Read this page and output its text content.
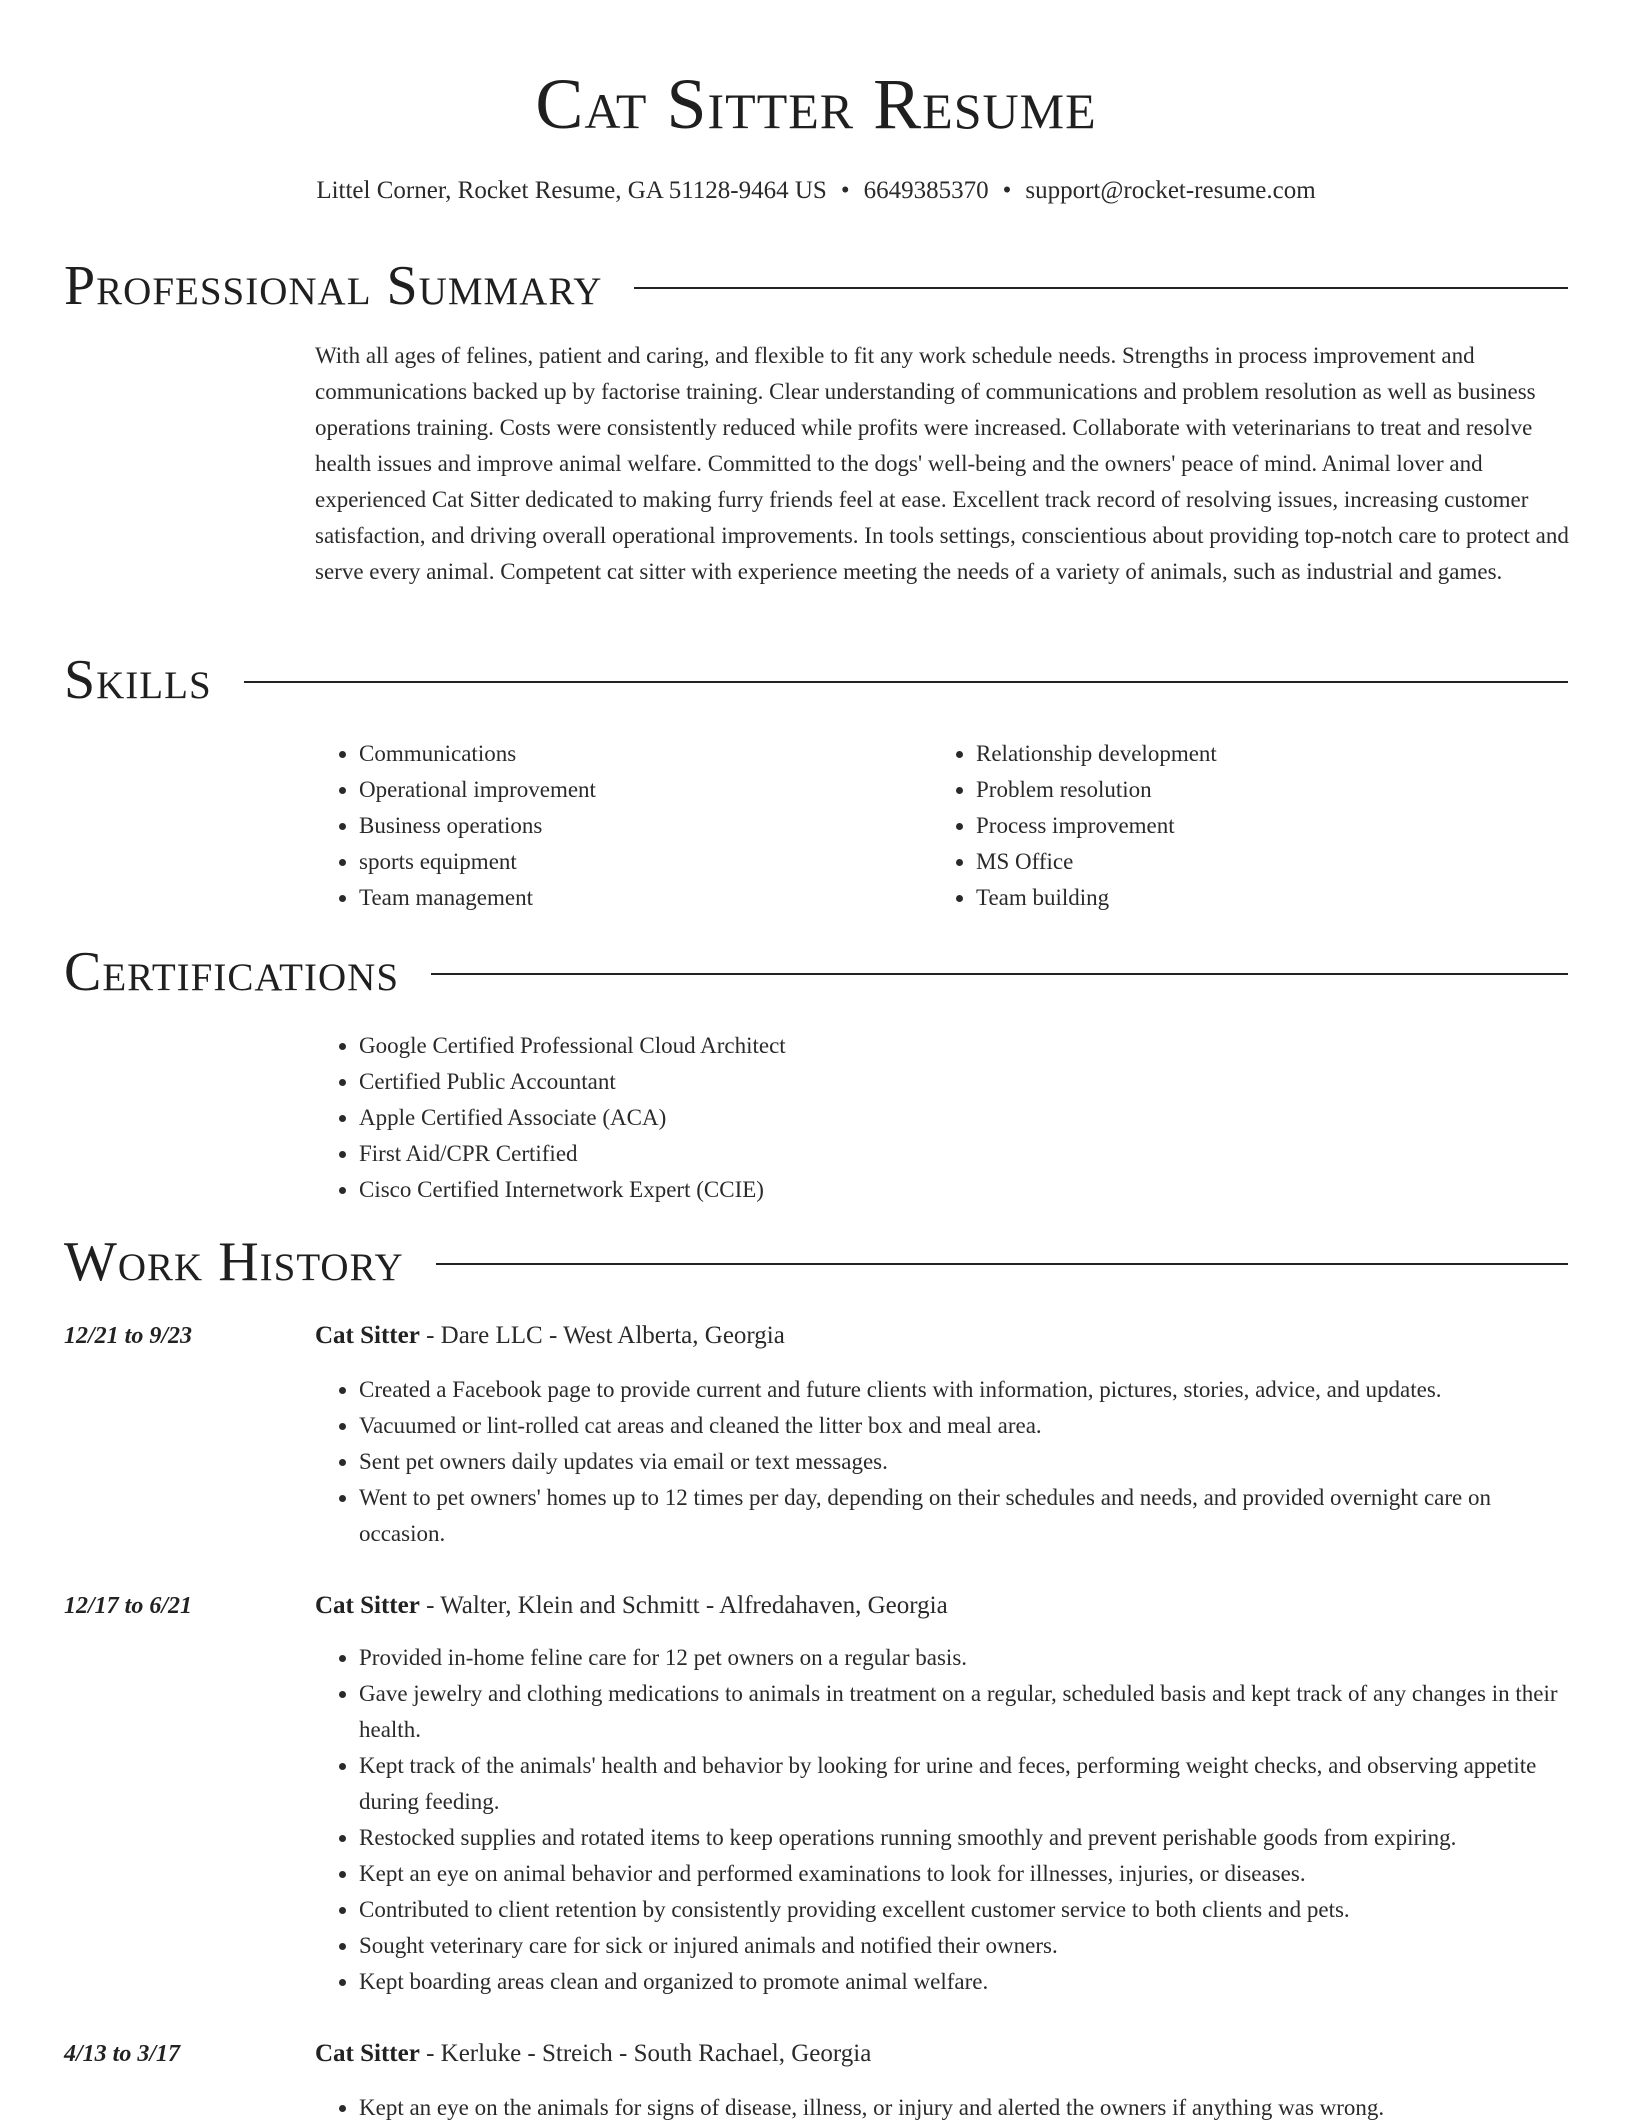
Cat Sitter Resume
Littel Corner, Rocket Resume, GA 51128-9464 US • 6649385370 • support@rocket-resume.com
Professional Summary

With all ages of felines, patient and caring, and flexible to fit any work schedule needs. Strengths in process improvement and communications backed up by factorise training. Clear understanding of communications and problem resolution as well as business operations training. Costs were consistently reduced while profits were increased. Collaborate with veterinarians to treat and resolve health issues and improve animal welfare. Committed to the dogs' well-being and the owners' peace of mind. Animal lover and experienced Cat Sitter dedicated to making furry friends feel at ease. Excellent track record of resolving issues, increasing customer satisfaction, and driving overall operational improvements. In tools settings, conscientious about providing top-notch care to protect and serve every animal. Competent cat sitter with experience meeting the needs of a variety of animals, such as industrial and games.

Skills
• Communications
• Operational improvement
• Business operations
• sports equipment
• Team management
• Relationship development
• Problem resolution
• Process improvement
• MS Office
• Team building
Certifications
• Google Certified Professional Cloud Architect
• Certified Public Accountant
• Apple Certified Associate (ACA)
• First Aid/CPR Certified
• Cisco Certified Internetwork Expert (CCIE)
Work History
12/21 to 9/23	Cat Sitter - Dare LLC - West Alberta, Georgia
• Created a Facebook page to provide current and future clients with information, pictures, stories, advice, and updates.
• Vacuumed or lint-rolled cat areas and cleaned the litter box and meal area.
• Sent pet owners daily updates via email or text messages.
• Went to pet owners' homes up to 12 times per day, depending on their schedules and needs, and provided overnight care on occasion.
12/17 to 6/21	Cat Sitter - Walter, Klein and Schmitt - Alfredahaven, Georgia
• Provided in-home feline care for 12 pet owners on a regular basis.
• Gave jewelry and clothing medications to animals in treatment on a regular, scheduled basis and kept track of any changes in their health.
• Kept track of the animals' health and behavior by looking for urine and feces, performing weight checks, and observing appetite during feeding.
• Restocked supplies and rotated items to keep operations running smoothly and prevent perishable goods from expiring.
• Kept an eye on animal behavior and performed examinations to look for illnesses, injuries, or diseases.
• Contributed to client retention by consistently providing excellent customer service to both clients and pets.
• Sought veterinary care for sick or injured animals and notified their owners.
• Kept boarding areas clean and organized to promote animal welfare.
4/13 to 3/17	Cat Sitter - Kerluke - Streich - South Rachael, Georgia
• Kept an eye on the animals for signs of disease, illness, or injury and alerted the owners if anything was wrong.
